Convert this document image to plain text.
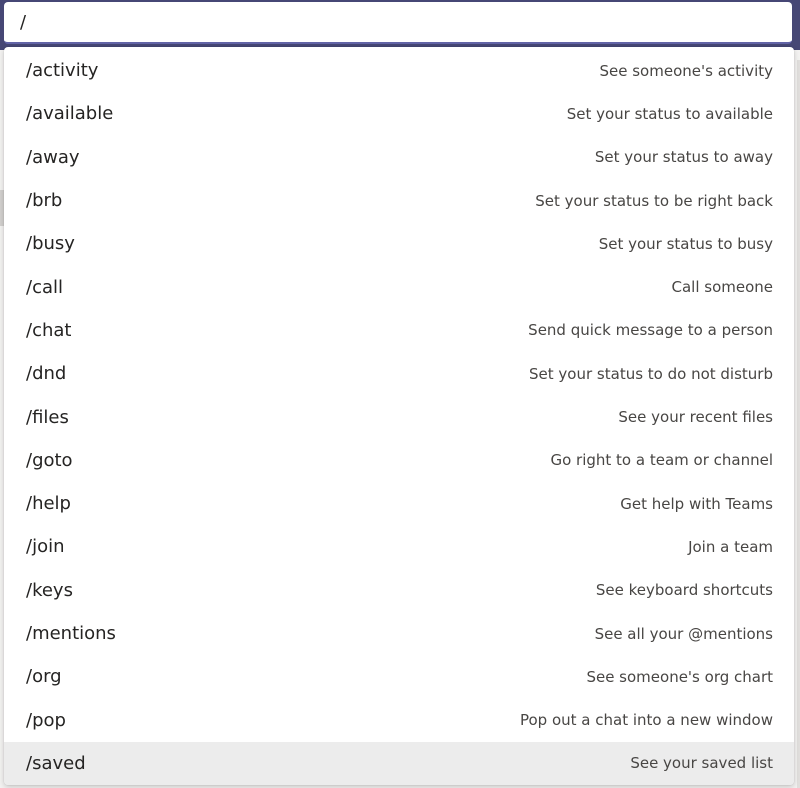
/
/activity	See someone's activity
/available	Set your status to available
/away	Set your status to away
/brb	Set your status to be right back
/busy	Set your status to busy
/call	Call someone
/chat	Send quick message to a person
/dnd	Set your status to do not disturb
/files	See your recent files
/goto	Go right to a team or channel
/help	Get help with Teams
/join	Join a team
/keys	See keyboard shortcuts
/mentions	See all your @mentions
/org	See someone's org chart
/pop	Pop out a chat into a new window
/saved	See your saved list
